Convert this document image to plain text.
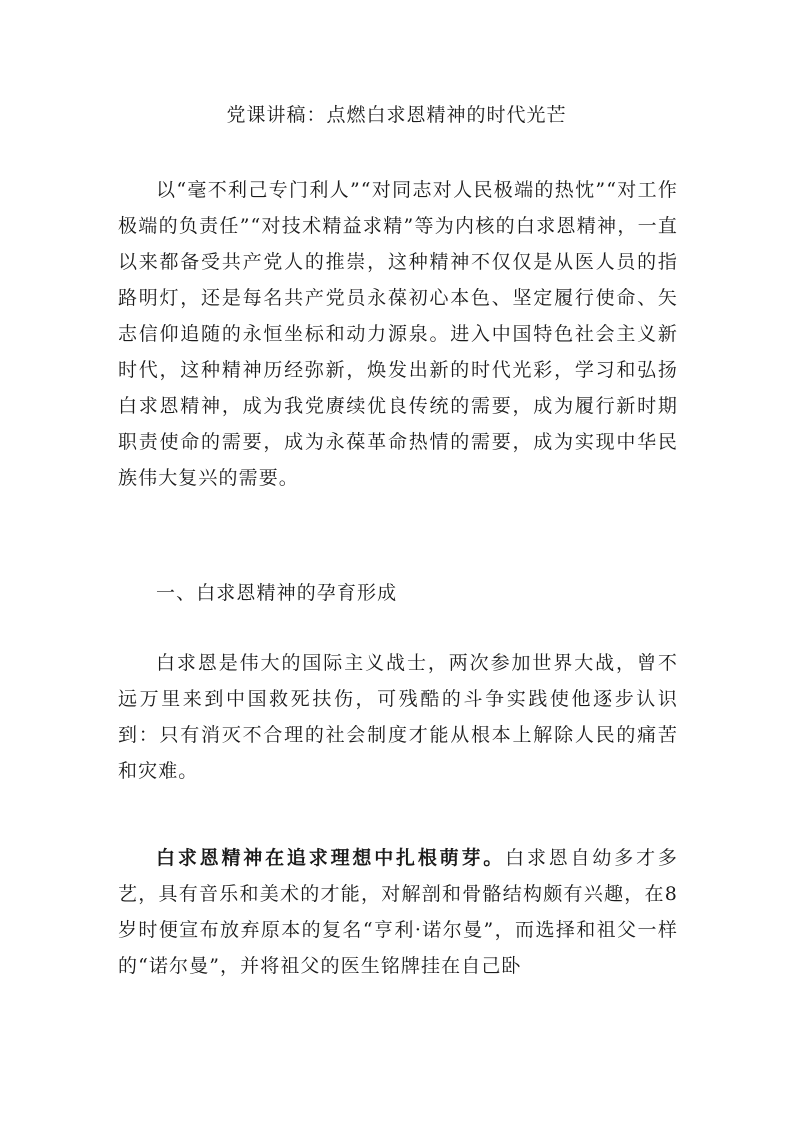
党课讲稿：点燃白求恩精神的时代光芒
以“毫不利己专门利人”“对同志对人民极端的热忱”“对工作极端的负责任”“对技术精益求精”等为内核的白求恩精神，一直以来都备受共产党人的推崇，这种精神不仅仅是从医人员的指路明灯，还是每名共产党员永葆初心本色、坚定履行使命、矢志信仰追随的永恒坐标和动力源泉。进入中国特色社会主义新时代，这种精神历经弥新，焕发出新的时代光彩，学习和弘扬白求恩精神，成为我党赓续优良传统的需要，成为履行新时期职责使命的需要，成为永葆革命热情的需要，成为实现中华民族伟大复兴的需要。
一、白求恩精神的孕育形成
白求恩是伟大的国际主义战士，两次参加世界大战，曾不远万里来到中国救死扶伤，可残酷的斗争实践使他逐步认识到：只有消灭不合理的社会制度才能从根本上解除人民的痛苦和灾难。
白求恩精神在追求理想中扎根萌芽。白求恩自幼多才多艺，具有音乐和美术的才能，对解剖和骨骼结构颇有兴趣，在8岁时便宣布放弃原本的复名“亨利·诺尔曼”，而选择和祖父一样的“诺尔曼”，并将祖父的医生铭牌挂在自己卧
